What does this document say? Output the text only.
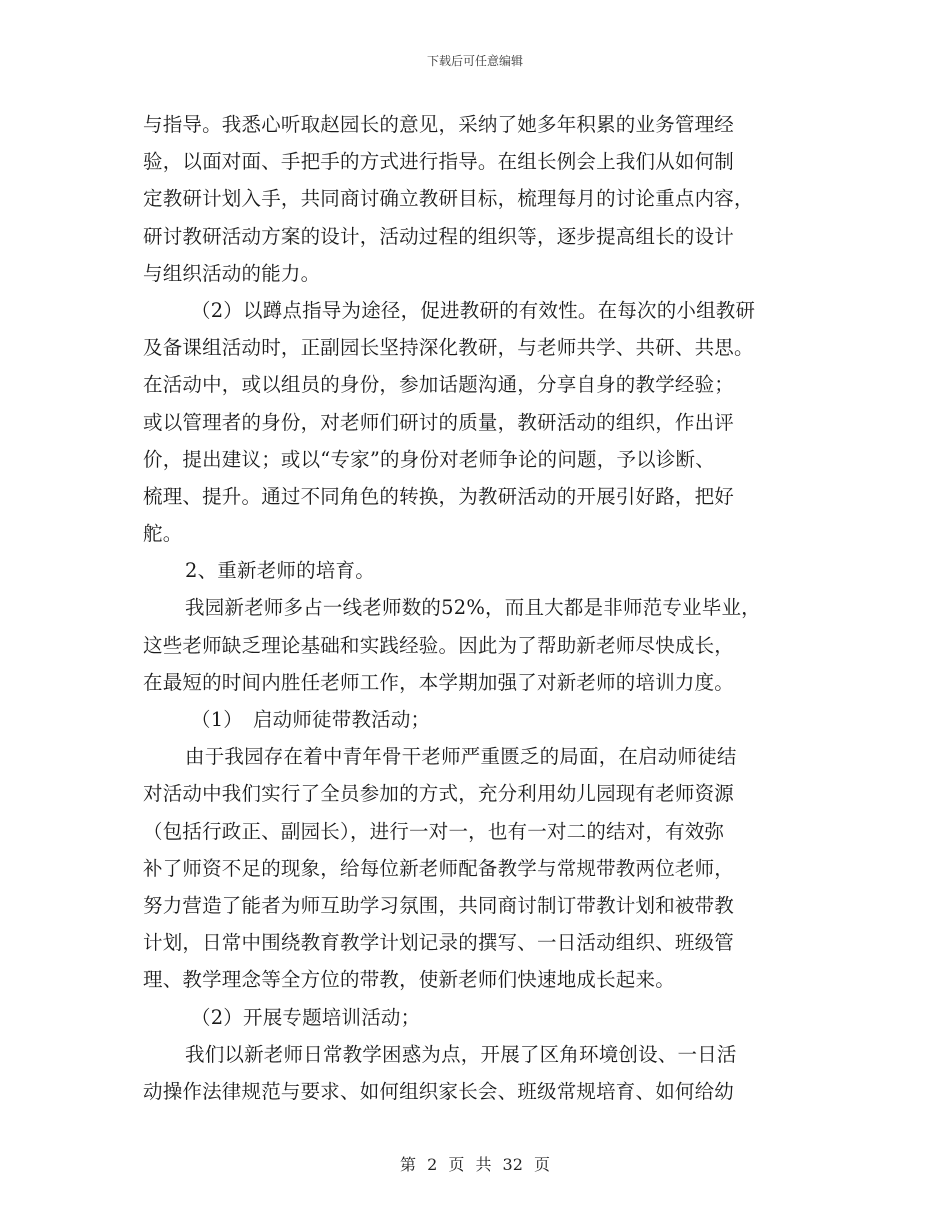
下载后可任意编辑
与指导。我悉心听取赵园长的意见，采纳了她多年积累的业务管理经
验，以面对面、手把手的方式进行指导。在组长例会上我们从如何制
定教研计划入手，共同商讨确立教研目标，梳理每月的讨论重点内容，
研讨教研活动方案的设计，活动过程的组织等，逐步提高组长的设计
与组织活动的能力。
（2）以蹲点指导为途径，促进教研的有效性。在每次的小组教研
及备课组活动时，正副园长坚持深化教研，与老师共学、共研、共思。
在活动中，或以组员的身份，参加话题沟通，分享自身的教学经验；
或以管理者的身份，对老师们研讨的质量，教研活动的组织，作出评
价，提出建议；或以“专家”的身份对老师争论的问题，予以诊断、
梳理、提升。通过不同角色的转换，为教研活动的开展引好路，把好
舵。
2、重新老师的培育。
我园新老师多占一线老师数的52%，而且大都是非师范专业毕业，
这些老师缺乏理论基础和实践经验。因此为了帮助新老师尽快成长，
在最短的时间内胜任老师工作，本学期加强了对新老师的培训力度。
（1）　启动师徒带教活动；
由于我园存在着中青年骨干老师严重匮乏的局面，在启动师徒结
对活动中我们实行了全员参加的方式，充分利用幼儿园现有老师资源
（包括行政正、副园长），进行一对一，也有一对二的结对，有效弥
补了师资不足的现象，给每位新老师配备教学与常规带教两位老师，
努力营造了能者为师互助学习氛围，共同商讨制订带教计划和被带教
计划，日常中围绕教育教学计划记录的撰写、一日活动组织、班级管
理、教学理念等全方位的带教，使新老师们快速地成长起来。
（2）开展专题培训活动；
我们以新老师日常教学困惑为点，开展了区角环境创设、一日活
动操作法律规范与要求、如何组织家长会、班级常规培育、如何给幼
第 2 页 共 32 页
